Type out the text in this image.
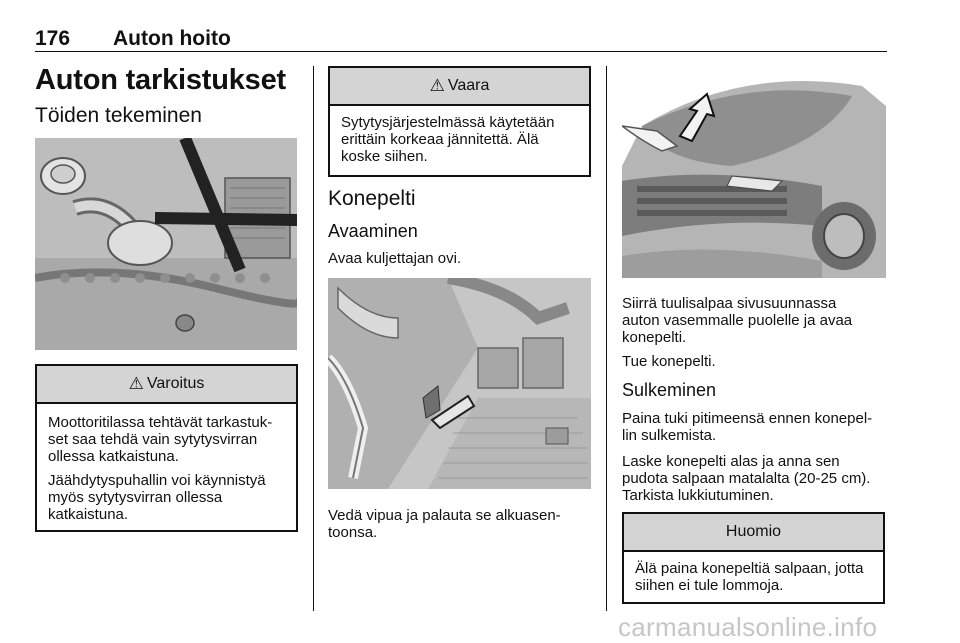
176 Auton hoito
Auton tarkistukset
Töiden tekeminen
⚠ Varoitus

Moottoritilassa tehtävät tarkastuk-
set saa tehdä vain sytytysvirran
ollessa katkaistuna.

Jäähdytyspuhallin voi käynnistyä
myös sytytysvirran ollessa
katkaistuna.

⚠ Vaara
Sytytysjärjestelmässä käytetään
erittäin korkeaa jännitettä. Älä
koske siihen.
Konepelti
Avaaminen
Avaa kuljettajan ovi.
Vedä vipua ja palauta se alkuasen-
toonsa.
Siirrä tuulisalpaa sivusuunnassa
auton vasemmalle puolelle ja avaa
konepelti.
Tue konepelti.
Sulkeminen
Paina tuki pitimeensä ennen konepel-
lin sulkemista.
Laske konepelti alas ja anna sen
pudota salpaan matalalta (20-25 cm).
Tarkista lukkiutuminen.
Huomio
Älä paina konepeltiä salpaan, jotta
siihen ei tule lommoja.
carmanualsonline.info
